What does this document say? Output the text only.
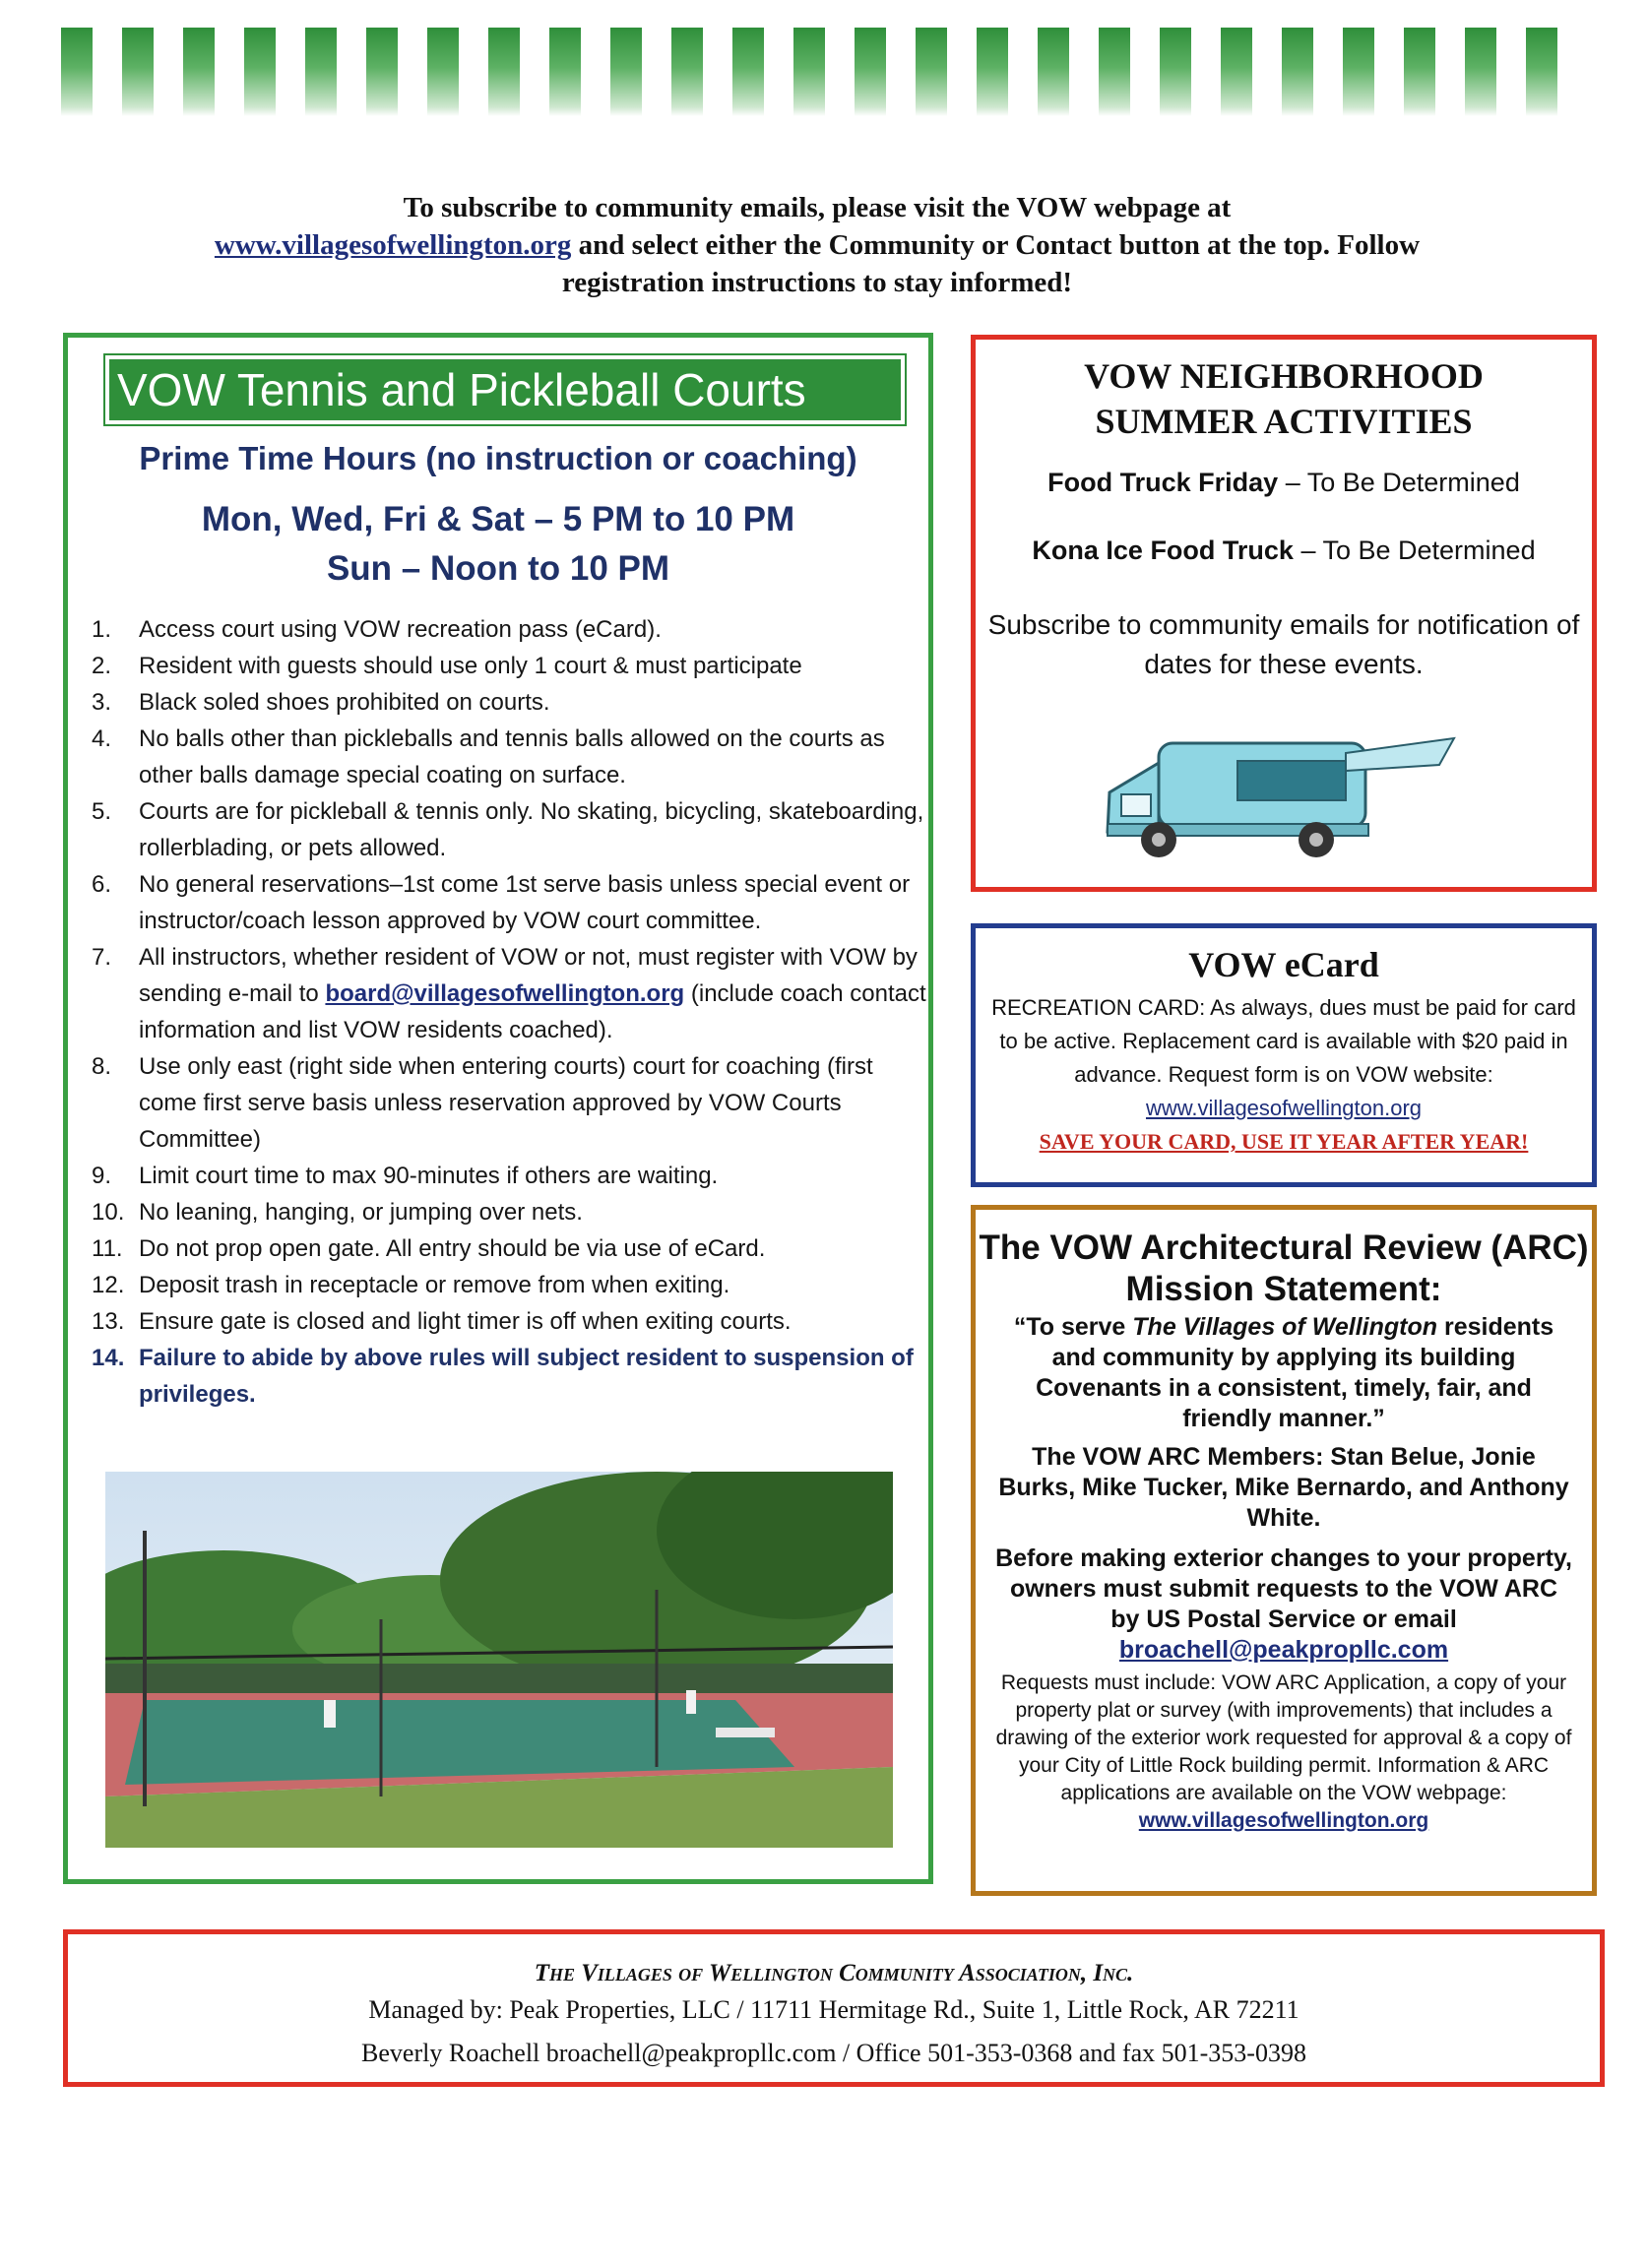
To subscribe to community emails, please visit the VOW webpage at
www.villagesofwellington.org and select either the Community or Contact button at the top. Follow registration instructions to stay informed!
VOW Tennis and Pickleball Courts
Prime Time Hours (no instruction or coaching)
Mon, Wed, Fri & Sat – 5 PM to 10 PM
Sun – Noon to 10 PM
1.	Access court using VOW recreation pass (eCard).
2.	Resident with guests should use only 1 court & must participate
3.	Black soled shoes prohibited on courts.
4.	No balls other than pickleballs and tennis balls allowed on the courts as other balls damage special coating on surface.
5.	Courts are for pickleball & tennis only. No skating, bicycling, skateboarding, rollerblading, or pets allowed.
6.	No general reservations–1st come 1st serve basis unless special event or instructor/coach lesson approved by VOW court committee.
7.	All instructors, whether resident of VOW or not, must register with VOW by sending e-mail to board@villagesofwellington.org (include coach contact information and list VOW residents coached).
8.	Use only east (right side when entering courts) court for coaching (first come first serve basis unless reservation approved by VOW Courts Committee)
9.	Limit court time to max 90-minutes if others are waiting.
10. No leaning, hanging, or jumping over nets.
11. Do not prop open gate. All entry should be via use of eCard.
12. Deposit trash in receptacle or remove from when exiting.
13. Ensure gate is closed and light timer is off when exiting courts.
14. Failure to abide by above rules will subject resident to suspension of privileges.
VOW NEIGHBORHOOD
SUMMER ACTIVITIES
Food Truck Friday – To Be Determined
Kona Ice Food Truck – To Be Determined
Subscribe to community emails for notification of dates for these events.
VOW eCard
RECREATION CARD: As always, dues must be paid for card to be active. Replacement card is available with $20 paid in advance. Request form is on VOW website: www.villagesofwellington.org
SAVE YOUR CARD, USE IT YEAR AFTER YEAR!
The VOW Architectural Review (ARC) Mission Statement:
“To serve The Villages of Wellington residents and community by applying its building Covenants in a consistent, timely, fair, and friendly manner.”
The VOW ARC Members: Stan Belue, Jonie Burks, Mike Tucker, Mike Bernardo, and Anthony White.
Before making exterior changes to your property, owners must submit requests to the VOW ARC by US Postal Service or email
broachell@peakpropllc.com
Requests must include: VOW ARC Application, a copy of your property plat or survey (with improvements) that includes a drawing of the exterior work requested for approval & a copy of your City of Little Rock building permit. Information & ARC applications are available on the VOW webpage: www.villagesofwellington.org
The Villages of Wellington Community Association, Inc.
Managed by: Peak Properties, LLC / 11711 Hermitage Rd., Suite 1, Little Rock, AR 72211
Beverly Roachell broachell@peakpropllc.com / Office 501-353-0368 and fax 501-353-0398
